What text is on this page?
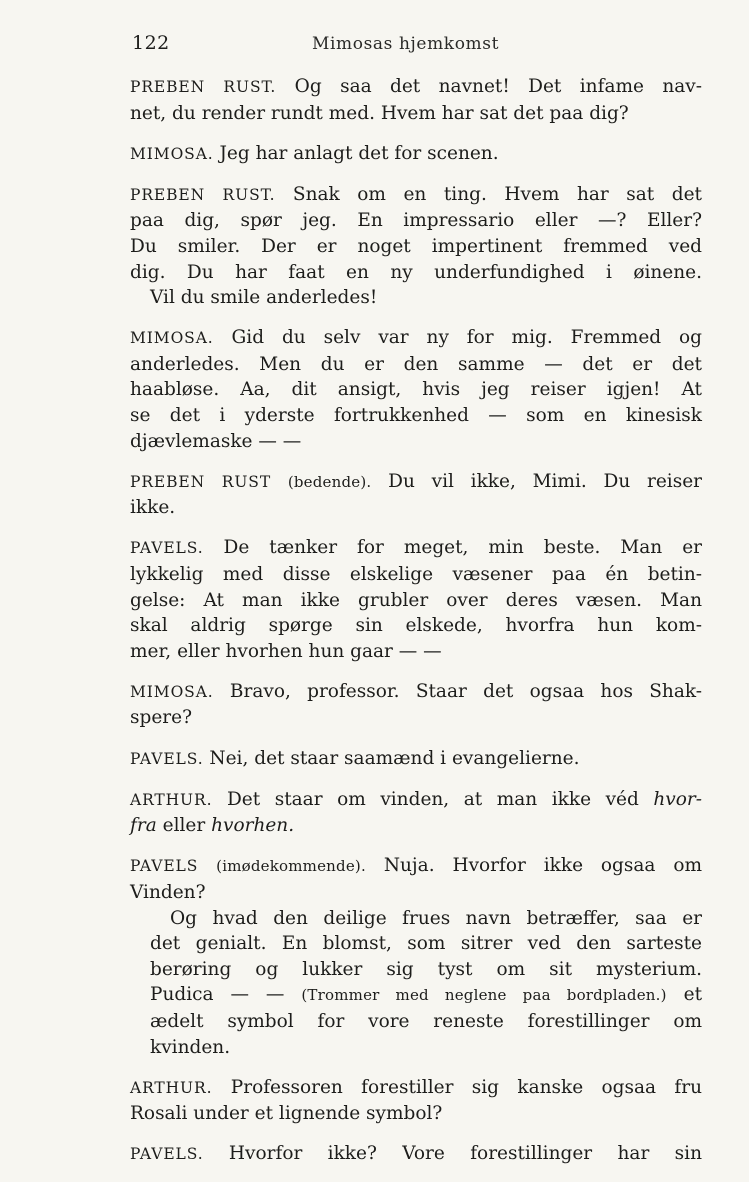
122	Mimosas hjemkomst
PREBEN RUST. Og saa det navnet! Det infame nav-
net, du render rundt med. Hvem har sat det paa dig?
MIMOSA. Jeg har anlagt det for scenen.
PREBEN RUST. Snak om en ting. Hvem har sat det
paa dig, spør jeg. En impressario eller —? Eller?
Du smiler. Der er noget impertinent fremmed ved
dig. Du har faat en ny underfundighed i øinene.
Vil du smile anderledes!
MIMOSA. Gid du selv var ny for mig. Fremmed og
anderledes. Men du er den samme — det er det
haabløse. Aa, dit ansigt, hvis jeg reiser igjen! At
se det i yderste fortrukkenhed — som en kinesisk
djævlemaske — —
PREBEN RUST (bedende). Du vil ikke, Mimi. Du reiser
ikke.
PAVELS. De tænker for meget, min beste. Man er
lykkelig med disse elskelige væsener paa én betin-
gelse: At man ikke grubler over deres væsen. Man
skal aldrig spørge sin elskede, hvorfra hun kom-
mer, eller hvorhen hun gaar — —
MIMOSA. Bravo, professor. Staar det ogsaa hos Shak-
spere?
PAVELS. Nei, det staar saamænd i evangelierne.
ARTHUR. Det staar om vinden, at man ikke véd hvor-
fra eller hvorhen.
PAVELS (imødekommende). Nuja. Hvorfor ikke ogsaa om
Vinden?
Og hvad den deilige frues navn betræffer, saa er
det genialt. En blomst, som sitrer ved den sarteste
berøring og lukker sig tyst om sit mysterium.
Pudica — — (Trommer med neglene paa bordpladen.) et
ædelt symbol for vore reneste forestillinger om
kvinden.
ARTHUR. Professoren forestiller sig kanske ogsaa fru
Rosali under et lignende symbol?
PAVELS. Hvorfor ikke? Vore forestillinger har sin
